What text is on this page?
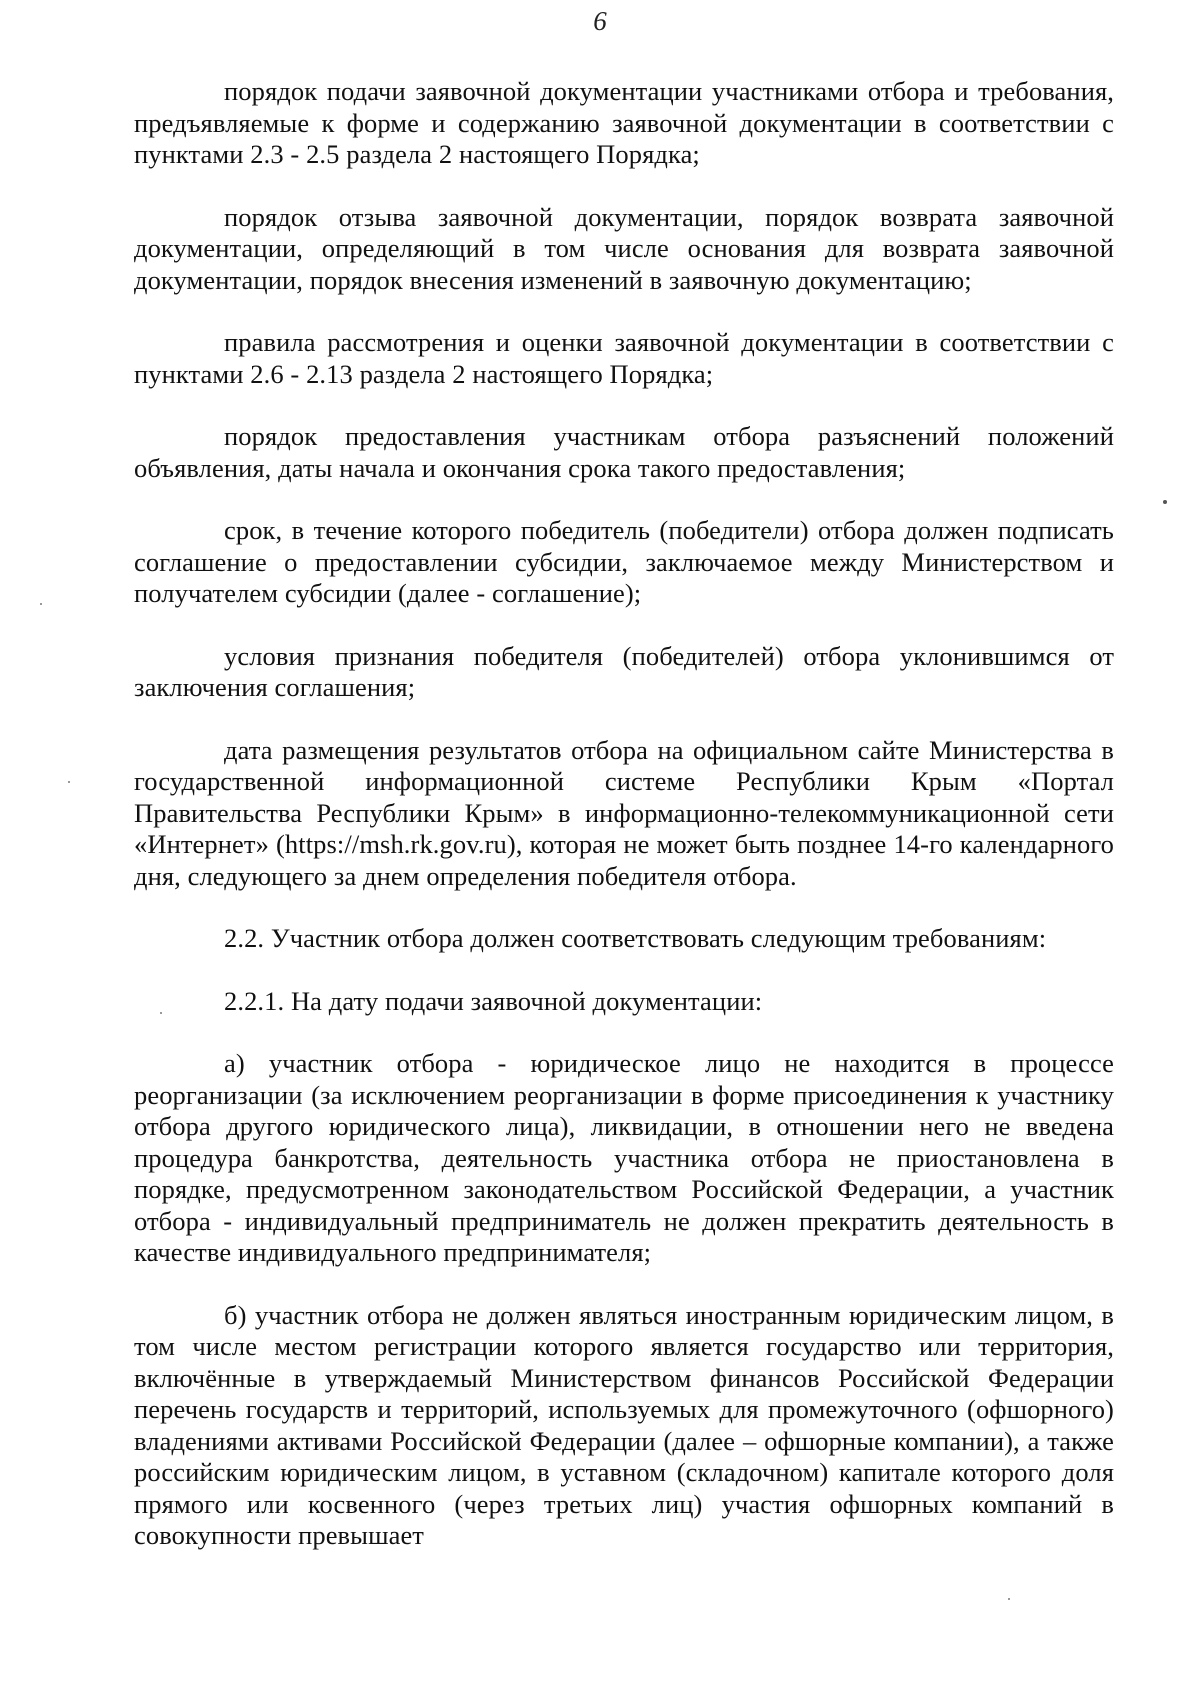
6

порядок подачи заявочной документации участниками отбора и требования, предъявляемые к форме и содержанию заявочной документации в соответствии с пунктами 2.3 - 2.5 раздела 2 настоящего Порядка;

порядок отзыва заявочной документации, порядок возврата заявочной документации, определяющий в том числе основания для возврата заявочной документации, порядок внесения изменений в заявочную документацию;

правила рассмотрения и оценки заявочной документации в соответствии с пунктами 2.6 - 2.13 раздела 2 настоящего Порядка;

порядок предоставления участникам отбора разъяснений положений объявления, даты начала и окончания срока такого предоставления;

срок, в течение которого победитель (победители) отбора должен подписать соглашение о предоставлении субсидии, заключаемое между Министерством и получателем субсидии (далее - соглашение);

условия признания победителя (победителей) отбора уклонившимся от заключения соглашения;

дата размещения результатов отбора на официальном сайте Министерства в государственной информационной системе Республики Крым «Портал Правительства Республики Крым» в информационно-телекоммуникационной сети «Интернет» (https://msh.rk.gov.ru), которая не может быть позднее 14-го календарного дня, следующего за днем определения победителя отбора.

2.2. Участник отбора должен соответствовать следующим требованиям:

2.2.1. На дату подачи заявочной документации:

а) участник отбора - юридическое лицо не находится в процессе реорганизации (за исключением реорганизации в форме присоединения к участнику отбора другого юридического лица), ликвидации, в отношении него не введена процедура банкротства, деятельность участника отбора не приостановлена в порядке, предусмотренном законодательством Российской Федерации, а участник отбора - индивидуальный предприниматель не должен прекратить деятельность в качестве индивидуального предпринимателя;

б) участник отбора не должен являться иностранным юридическим лицом, в том числе местом регистрации которого является государство или территория, включённые в утверждаемый Министерством финансов Российской Федерации перечень государств и территорий, используемых для промежуточного (офшорного) владениями активами Российской Федерации (далее – офшорные компании), а также российским юридическим лицом, в уставном (складочном) капитале которого доля прямого или косвенного (через третьих лиц) участия офшорных компаний в совокупности превышает
